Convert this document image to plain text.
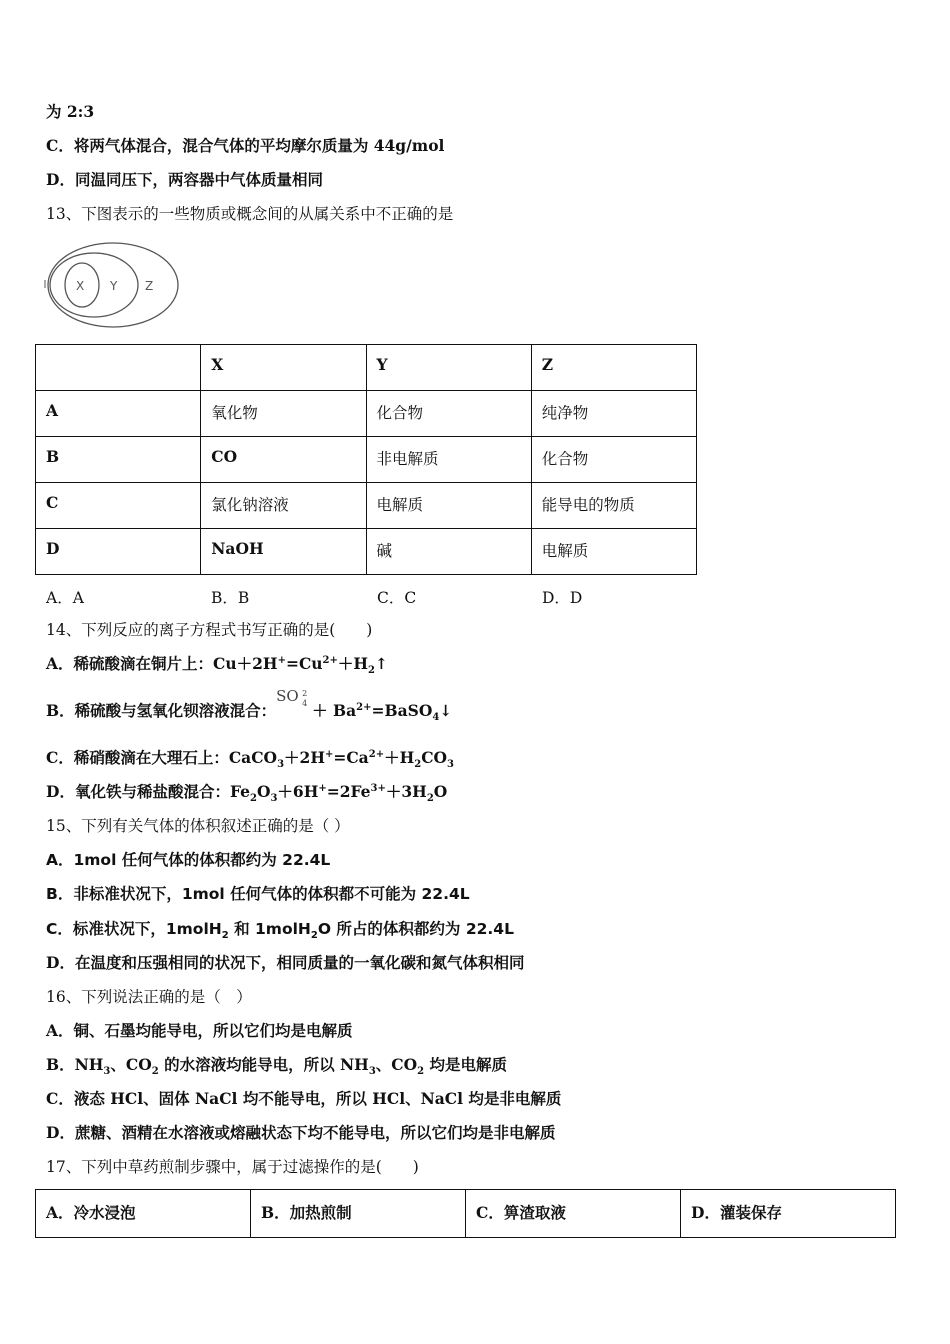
为 2:3
C．将两气体混合，混合气体的平均摩尔质量为 44g/mol
D．同温同压下，两容器中气体质量相同
13、下图表示的一些物质或概念间的从属关系中不正确的是
X Y Z
	X	Y	Z
A	氧化物	化合物	纯净物
B	CO	非电解质	化合物
C	氯化钠溶液	电解质	能导电的物质
D	NaOH	碱	电解质
A．A	B．B	C．C	D．D
14、下列反应的离子方程式书写正确的是(　　)
A．稀硫酸滴在铜片上：$Cu+2H^+=Cu^{2+}+H_2↑$
B．稀硫酸与氢氧化钡溶液混合：
SO 2
$4 + Ba^{2+}=BaSO_4↓$
C．稀硝酸滴在大理石上：$CaCO_3+2H^+=Ca^{2+}+H_2CO_3$
D．氧化铁与稀盐酸混合：$Fe_2O_3+6H^+=2Fe^{3+}+3H_2O$
15、下列有关气体的体积叙述正确的是（ ）
A．1mol 任何气体的体积都约为 22.4L
B．非标准状况下，1mol 任何气体的体积都不可能为 22.4L
C．标准状况下，1molH$_2$ 和 1molH$_2$O 所占的体积都约为 22.4L
D．在温度和压强相同的状况下，相同质量的一氧化碳和氮气体积相同
16、下列说法正确的是（　）
A．铜、石墨均能导电，所以它们均是电解质
B．$NH_3$、$CO_2$ 的水溶液均能导电，所以 $NH_3$、$CO_2$ 均是电解质
C．液态 HCl、固体 NaCl 均不能导电，所以 HCl、NaCl 均是非电解质
D．蔗糖、酒精在水溶液或熔融状态下均不能导电，所以它们均是非电解质
17、下列中草药煎制步骤中，属于过滤操作的是(　　)
A．冷水浸泡	B．加热煎制	C．箅渣取液	D．灌装保存
